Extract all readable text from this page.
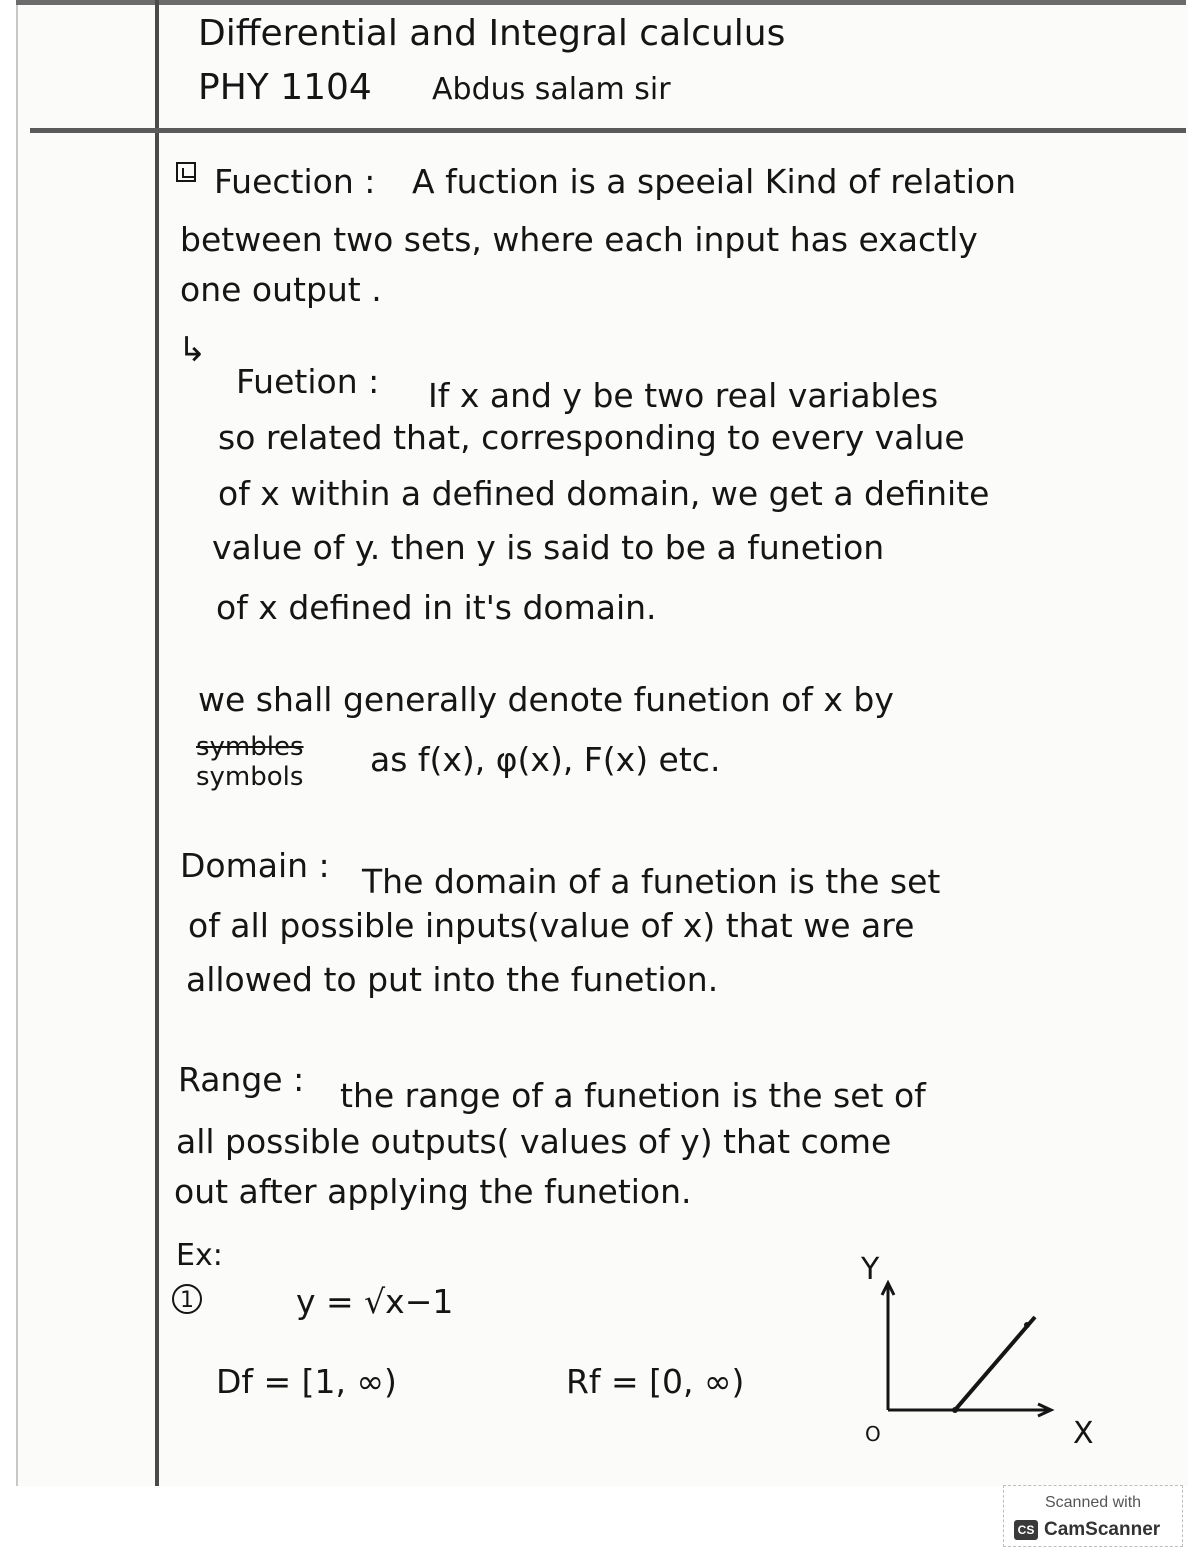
Differential and Integral calculus

PHY 1104 Abdus salam sir

Fuection : A fuction is a speeial Kind of relation

between two sets, where each input has exactly

one output .

↳

Fuetion : If x and y be two real variables

so related that, corresponding to every value

of x within a defined domain, we get a definite

value of y. then y is said to be a funetion

of x defined in it's domain.

we shall generally denote funetion of x by

symbles

symbols as f(x), φ(x), F(x) etc.

Domain : The domain of a funetion is the set

of all possible inputs(value of x) that we are

allowed to put into the funetion.

Range : the range of a funetion is the set of

all possible outputs( values of y) that come

out after applying the funetion.

Ex:

1	y = √x−1

Df = [1, ∞)	Rf = [0, ∞)

Y
X
O
Scanned with
CS CamScanner
